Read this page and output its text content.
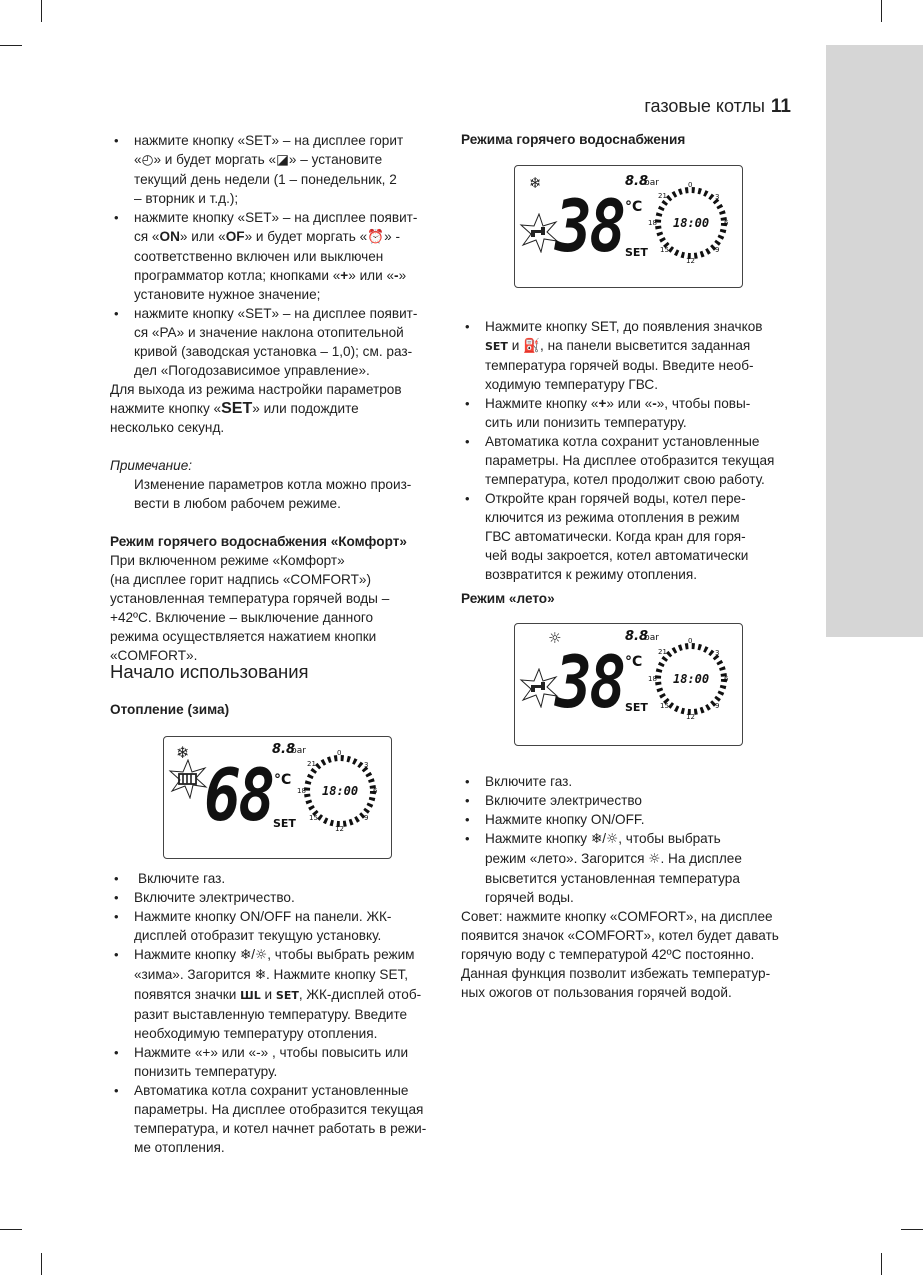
газовые котлы 11
• нажмите кнопку «SET» – на дисплее горит
«◴» и будет моргать «◪» – установите
текущий день недели (1 – понедельник, 2
– вторник и т.д.);
• нажмите кнопку «SET» – на дисплее появит-
ся «ON» или «OF» и будет моргать «⏰» -
соответственно включен или выключен
программатор котла; кнопками «+» или «-»
установите нужное значение;
• нажмите кнопку «SET» – на дисплее появит-
ся «PA» и значение наклона отопительной
кривой (заводская установка – 1,0); см. раз-
дел «Погодозависимое управление».

Для выхода из режима настройки параметров
нажмите кнопку «SET» или подождите
несколько секунд.

Примечание:

Изменение параметров котла можно произ-
вести в любом рабочем режиме.

Режим горячего водоснабжения «Комфорт»

При включенном режиме «Комфорт»
(на дисплее горит надпись «COMFORT»)
установленная температура горячей воды –
+42ºC. Включение – выключение данного
режима осуществляется нажатием кнопки
«COMFORT».

Начало использования
Отопление (зима)
❄
68 °C
8.8
bar
SET
0
3
6
9
12
15
18
21
18:00
• Включите газ.
• Включите электричество.
• Нажмите кнопку ON/OFF на панели. ЖК-
дисплей отобразит текущую установку.
• Нажмите кнопку ❄/☼, чтобы выбрать режим
«зима». Загорится ❄. Нажмите кнопку SET,
появятся значки ШL и SET, ЖК-дисплей отоб-
разит выставленную температуру. Введите
необходимую температуру отопления.
• Нажмите «+» или «-» , чтобы повысить или
понизить температуру.
• Автоматика котла сохранит установленные
параметры. На дисплее отобразится текущая
температура, и котел начнет работать в режи-
ме отопления.
Режима горячего водоснабжения
❄
38 °C
8.8
bar
SET
0
3
6
9
12
15
18
21
18:00
• Нажмите кнопку SET, до появления значков
SET и ⛽, на панели высветится заданная
температура горячей воды. Введите необ-
ходимую температуру ГВС.
• Нажмите кнопку «+» или «-», чтобы повы-
сить или понизить температуру.
• Автоматика котла сохранит установленные
параметры. На дисплее отобразится текущая
температура, котел продолжит свою работу.
• Откройте кран горячей воды, котел пере-
ключится из режима отопления в режим
ГВС автоматически. Когда кран для горя-
чей воды закроется, котел автоматически
возвратится к режиму отопления.
Режим «лето»
☼
38 °C
8.8
bar
SET
0
3
6
9
12
15
18
21
18:00
• Включите газ.
• Включите электричество
• Нажмите кнопку ON/OFF.
• Нажмите кнопку ❄/☼, чтобы выбрать
режим «лето». Загорится ☼. На дисплее
высветится установленная температура
горячей воды.

Совет: нажмите кнопку «COMFORT», на дисплее
появится значок «COMFORT», котел будет давать
горячую воду с температурой 42ºC постоянно.
Данная функция позволит избежать температур-
ных ожогов от пользования горячей водой.
